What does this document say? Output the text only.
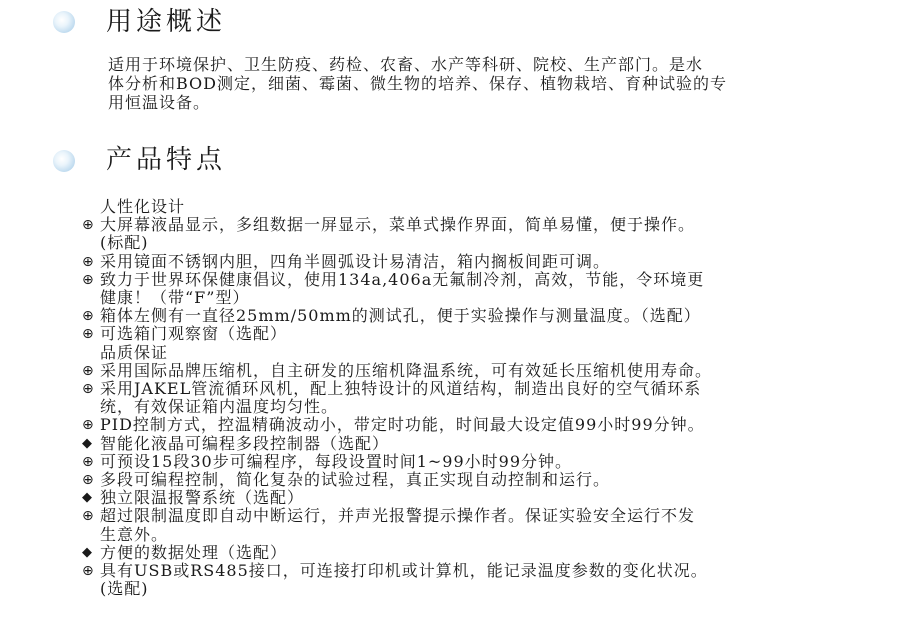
用途概述
适用于环境保护、卫生防疫、药检、农畜、水产等科研、院校、生产部门。是水
体分析和BOD测定，细菌、霉菌、微生物的培养、保存、植物栽培、育种试验的专
用恒温设备。
产品特点
人性化设计
⊕ 大屏幕液晶显示，多组数据一屏显示，菜单式操作界面，简单易懂，便于操作。
(标配)
⊕ 采用镜面不锈钢内胆，四角半圆弧设计易清洁，箱内搁板间距可调。
⊕ 致力于世界环保健康倡议，使用134a,406a无氟制冷剂，高效，节能，令环境更
健康！（带“F”型）
⊕ 箱体左侧有一直径25mm/50mm的测试孔，便于实验操作与测量温度。（选配）
⊕ 可选箱门观察窗（选配）
品质保证
⊕ 采用国际品牌压缩机，自主研发的压缩机降温系统，可有效延长压缩机使用寿命。
⊕ 采用JAKEL管流循环风机，配上独特设计的风道结构，制造出良好的空气循环系
统，有效保证箱内温度均匀性。
⊕ PID控制方式，控温精确波动小，带定时功能，时间最大设定值99小时99分钟。
◆ 智能化液晶可编程多段控制器（选配）
⊕ 可预设15段30步可编程序，每段设置时间1~99小时99分钟。
⊕ 多段可编程控制，简化复杂的试验过程，真正实现自动控制和运行。
◆ 独立限温报警系统（选配）
⊕ 超过限制温度即自动中断运行，并声光报警提示操作者。保证实验安全运行不发
生意外。
◆ 方便的数据处理（选配）
⊕ 具有USB或RS485接口，可连接打印机或计算机，能记录温度参数的变化状况。
(选配)
